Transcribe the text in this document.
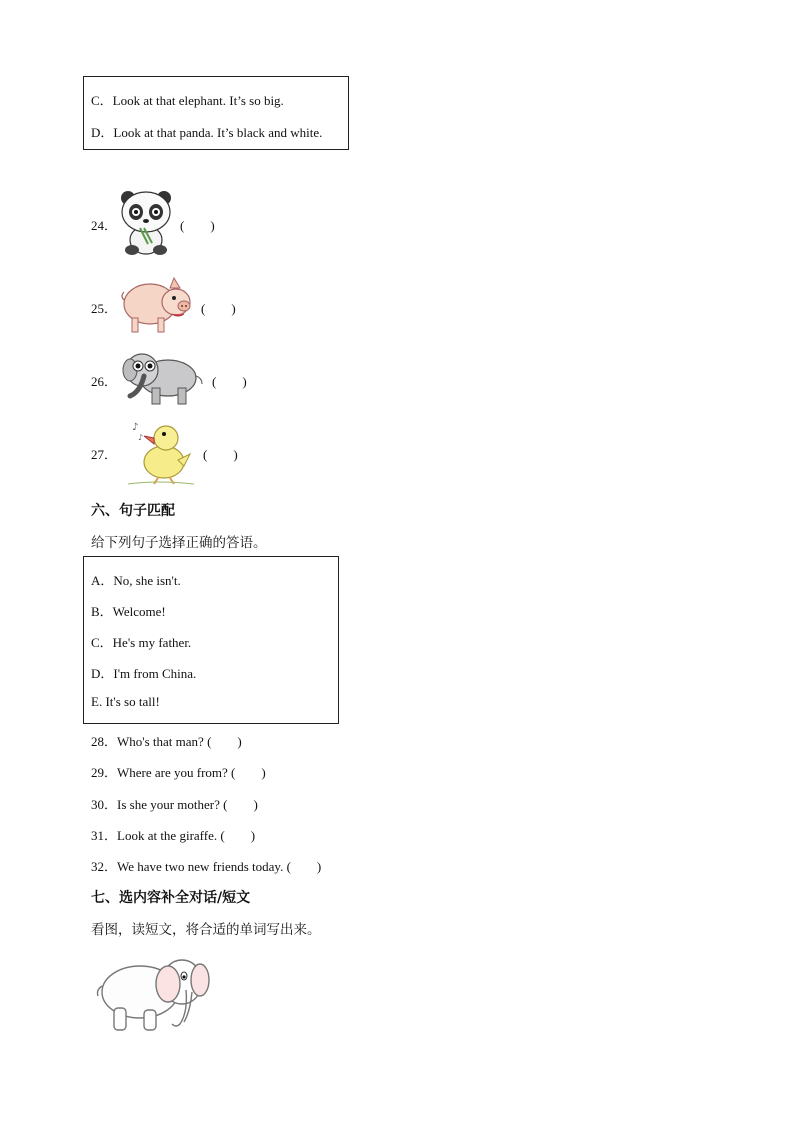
C．Look at that elephant. It’s so big.
D．Look at that panda. It’s black and white.
24．	(　　)
25．	(　　)
26．	(　　)
27．
♪
♪
(　　)
六、句子匹配
给下列句子选择正确的答语。
A．No, she isn't.
B．Welcome!
C．He's my father.
D．I'm from China.
E. It's so tall!
28．Who's that man? (　　)
29．Where are you from? (　　)
30．Is she your mother? (　　)
31．Look at the giraffe. (　　)
32．We have two new friends today. (　　)
七、选内容补全对话/短文
看图，读短文，将合适的单词写出来。
